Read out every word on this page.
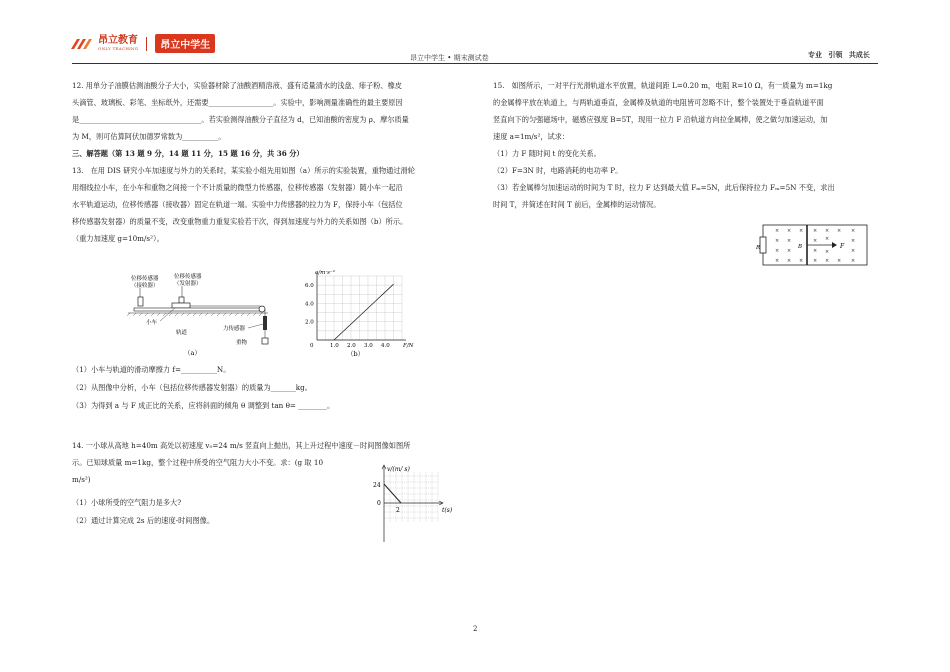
昂立教育
ONLY TEACHING	昂立中学生
昂立中学生 • 期末测试卷	专业 引领 共成长
12. 用单分子油膜估测油酸分子大小，实验器材除了油酸酒精溶液、盛有适量清水的浅盘、痱子粉、橡皮
头滴管、玻璃板、彩笔、坐标纸外，还需要__________________。实验中，影响测量准确性的最主要原因
是__________________________________。若实验测得油酸分子直径为 d，已知油酸的密度为 ρ、摩尔质量
为 M，则可估算阿伏加德罗常数为__________。
三、解答题（第 13 题 9 分，14 题 11 分，15 题 16 分，共 36 分）
13.　在用 DIS 研究小车加速度与外力的关系时，某实验小组先用如图（a）所示的实验装置，重物通过滑轮
用细线拉小车，在小车和重物之间接一个不计质量的微型力传感器，位移传感器（发射器）随小车一起沿
水平轨道运动，位移传感器（接收器）固定在轨道一端。实验中力传感器的拉力为 F，保持小车（包括位
移传感器发射器）的质量不变，改变重物重力重复实验若干次，得到加速度与外力的关系如图（b）所示。
（重力加速度 g=10m/s²）。
位移传感器
（接收器）
位移传感器
（发射器）
小车
轨道
力传感器
重物
（a）
1.0 2.0 3.0 4.0
2.0
4.0
6.0
a/m·s⁻²
F/N
0
（b）
（1）小车与轨道的滑动摩擦力 f=__________N。
（2）从图像中分析，小车（包括位移传感器发射器）的质量为_______kg。
（3）为得到 a 与 F 成正比的关系，应将斜面的倾角 θ 调整到 tan θ= ________。
14. 一小球从高地 h=40m 高处以初速度 v₀=24 m/s 竖直向上抛出，其上升过程中速度－时间图像如图所
示。已知球质量 m=1kg，整个过程中所受的空气阻力大小不变。求：(g 取 10
m/s²)
（1）小球所受的空气阻力是多大?
（2）通过计算完成 2s 后的速度-时间图像。
v/(m/ s)
24
0
2	t(s)
15.　如图所示，一对平行光滑轨道水平放置，轨道间距 L=0.20 m，电阻 R=10 Ω，有一质量为 m=1kg
的金属棒平放在轨道上，与两轨道垂直，金属棒及轨道的电阻皆可忽略不计，整个装置处于垂直轨道平面
竖直向下的匀强磁场中，磁感应强度 B=5T，现用一拉力 F 沿轨道方向拉金属棒，使之做匀加速运动，加
速度 a=1m/s²，试求：
（1）力 F 随时间 t 的变化关系。
（2）F=3N 时，电路消耗的电功率 P。
（3）若金属棒匀加速运动的时间为 T 时，拉力 F 达到最大值 Fₘ=5N，此后保持拉力 Fₘ=5N 不变，求出
时间 T，并简述在时间 T 前后，金属棒的运动情况。
R	F
B
× × × × × × ×
× ×	× ×	×
× ×	× ×	×
× × × × × × ×
2
